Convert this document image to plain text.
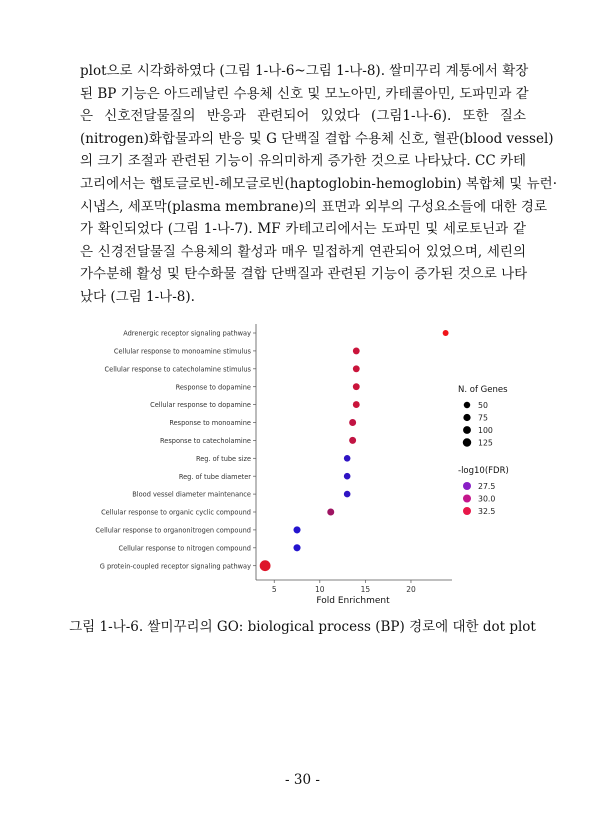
plot으로 시각화하였다 (그림 1-나-6~그림 1-나-8). 쌀미꾸리 계통에서 확장
된 BP 기능은 아드레날린 수용체 신호 및 모노아민, 카테콜아민, 도파민과 같
은 신호전달물질의 반응과 관련되어 있었다 (그림1-나-6). 또한 질소
(nitrogen)화합물과의 반응 및 G 단백질 결합 수용체 신호, 혈관(blood vessel)
의 크기 조절과 관련된 기능이 유의미하게 증가한 것으로 나타났다. CC 카테
고리에서는 햅토글로빈-헤모글로빈(haptoglobin-hemoglobin) 복합체 및 뉴런·
시냅스, 세포막(plasma membrane)의 표면과 외부의 구성요소들에 대한 경로
가 확인되었다 (그림 1-나-7). MF 카테고리에서는 도파민 및 세로토닌과 같
은 신경전달물질 수용체의 활성과 매우 밀접하게 연관되어 있었으며, 세린의
가수분해 활성 및 탄수화물 결합 단백질과 관련된 기능이 증가된 것으로 나타
났다 (그림 1-나-8).

Adrenergic receptor signaling pathway
Cellular response to monoamine stimulus
Cellular response to catecholamine stimulus
Response to dopamine
Cellular response to dopamine
Response to monoamine
Response to catecholamine
Reg. of tube size
Reg. of tube diameter
Blood vessel diameter maintenance
Cellular response to organic cyclic compound
Cellular response to organonitrogen compound
Cellular response to nitrogen compound
G protein-coupled receptor signaling pathway
5	10	15	20
Fold Enrichment
N. of Genes
-log10(FDR)
50
75
100
125
27.5
30.0
32.5

그림 1-나-6. 쌀미꾸리의 GO: biological process (BP) 경로에 대한 dot plot

- 30 -
